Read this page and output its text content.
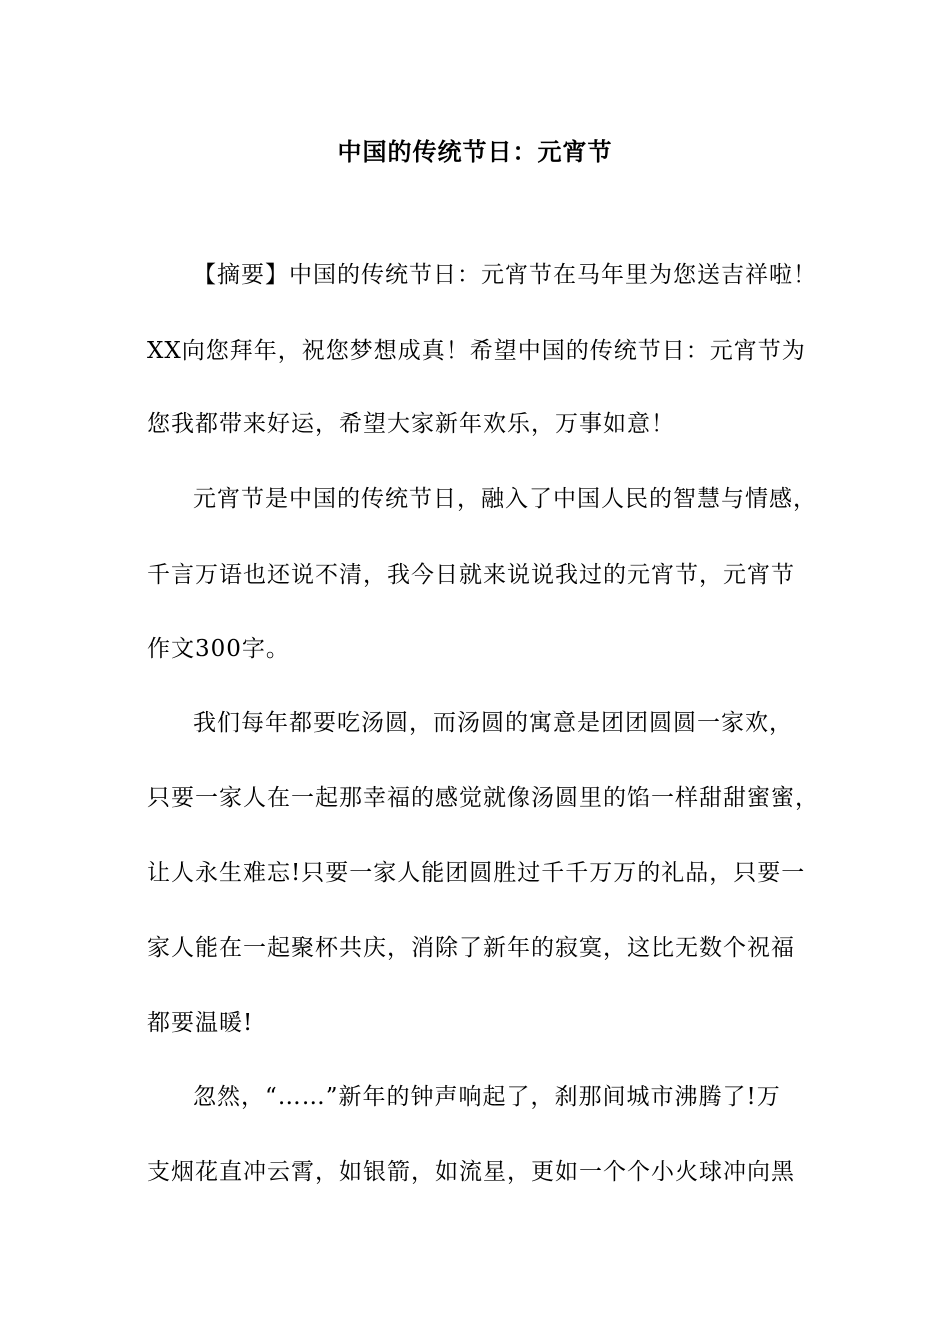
中国的传统节日：元宵节
【摘要】中国的传统节日：元宵节在马年里为您送吉祥啦！
XX向您拜年，祝您梦想成真！希望中国的传统节日：元宵节为
您我都带来好运，希望大家新年欢乐，万事如意！
元宵节是中国的传统节日，融入了中国人民的智慧与情感，
千言万语也还说不清，我今日就来说说我过的元宵节，元宵节
作文300字。
我们每年都要吃汤圆，而汤圆的寓意是团团圆圆一家欢，
只要一家人在一起那幸福的感觉就像汤圆里的馅一样甜甜蜜蜜，
让人永生难忘!只要一家人能团圆胜过千千万万的礼品，只要一
家人能在一起聚杯共庆，消除了新年的寂寞，这比无数个祝福
都要温暖!
忽然，“……”新年的钟声响起了，刹那间城市沸腾了!万
支烟花直冲云霄，如银箭，如流星，更如一个个小火球冲向黑
